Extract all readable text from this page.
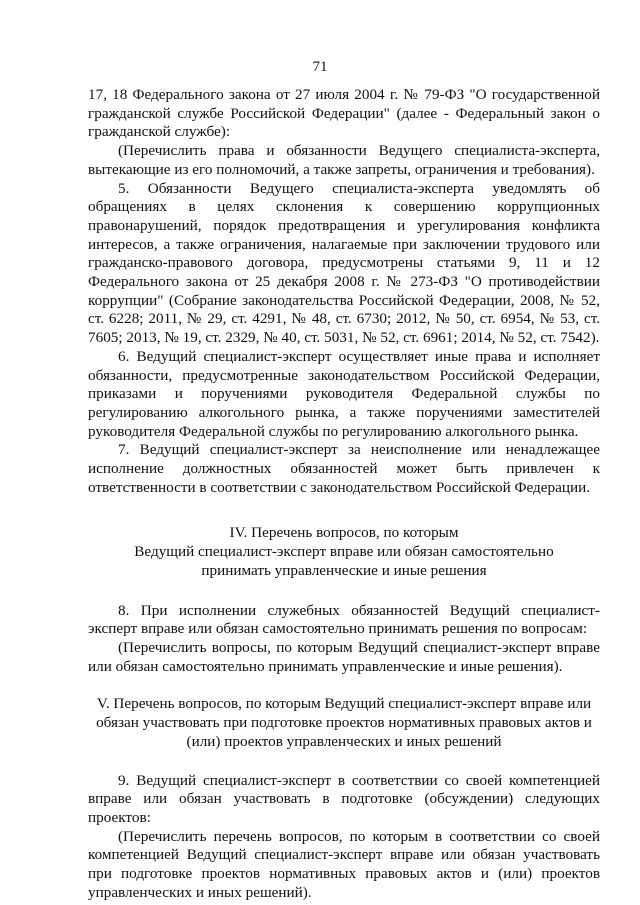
71

17, 18 Федерального закона от 27 июля 2004 г. № 79-ФЗ "О государственной гражданской службе Российской Федерации" (далее - Федеральный закон о гражданской службе):

(Перечислить права и обязанности Ведущего специалиста-эксперта, вытекающие из его полномочий, а также запреты, ограничения и требования).

5. Обязанности Ведущего специалиста-эксперта уведомлять об обращениях в целях склонения к совершению коррупционных правонарушений, порядок предотвращения и урегулирования конфликта интересов, а также ограничения, налагаемые при заключении трудового или гражданско-правового договора, предусмотрены статьями 9, 11 и 12 Федерального закона от 25 декабря 2008 г. № 273-ФЗ "О противодействии коррупции" (Собрание законодательства Российской Федерации, 2008, № 52, ст. 6228; 2011, № 29, ст. 4291, № 48, ст. 6730; 2012, № 50, ст. 6954, № 53, ст. 7605; 2013, № 19, ст. 2329, № 40, ст. 5031, № 52, ст. 6961; 2014, № 52, ст. 7542).

6. Ведущий специалист-эксперт осуществляет иные права и исполняет обязанности, предусмотренные законодательством Российской Федерации, приказами и поручениями руководителя Федеральной службы по регулированию алкогольного рынка, а также поручениями заместителей руководителя Федеральной службы по регулированию алкогольного рынка.

7. Ведущий специалист-эксперт за неисполнение или ненадлежащее исполнение должностных обязанностей может быть привлечен к ответственности в соответствии с законодательством Российской Федерации.

IV. Перечень вопросов, по которым
Ведущий специалист-эксперт вправе или обязан самостоятельно
принимать управленческие и иные решения

8. При исполнении служебных обязанностей Ведущий специалист-эксперт вправе или обязан самостоятельно принимать решения по вопросам:

(Перечислить вопросы, по которым Ведущий специалист-эксперт вправе или обязан самостоятельно принимать управленческие и иные решения).

V. Перечень вопросов, по которым Ведущий специалист-эксперт вправе или
обязан участвовать при подготовке проектов нормативных правовых актов и
(или) проектов управленческих и иных решений

9. Ведущий специалист-эксперт в соответствии со своей компетенцией вправе или обязан участвовать в подготовке (обсуждении) следующих проектов:

(Перечислить перечень вопросов, по которым в соответствии со своей компетенцией Ведущий специалист-эксперт вправе или обязан участвовать при подготовке проектов нормативных правовых актов и (или) проектов управленческих и иных решений).
